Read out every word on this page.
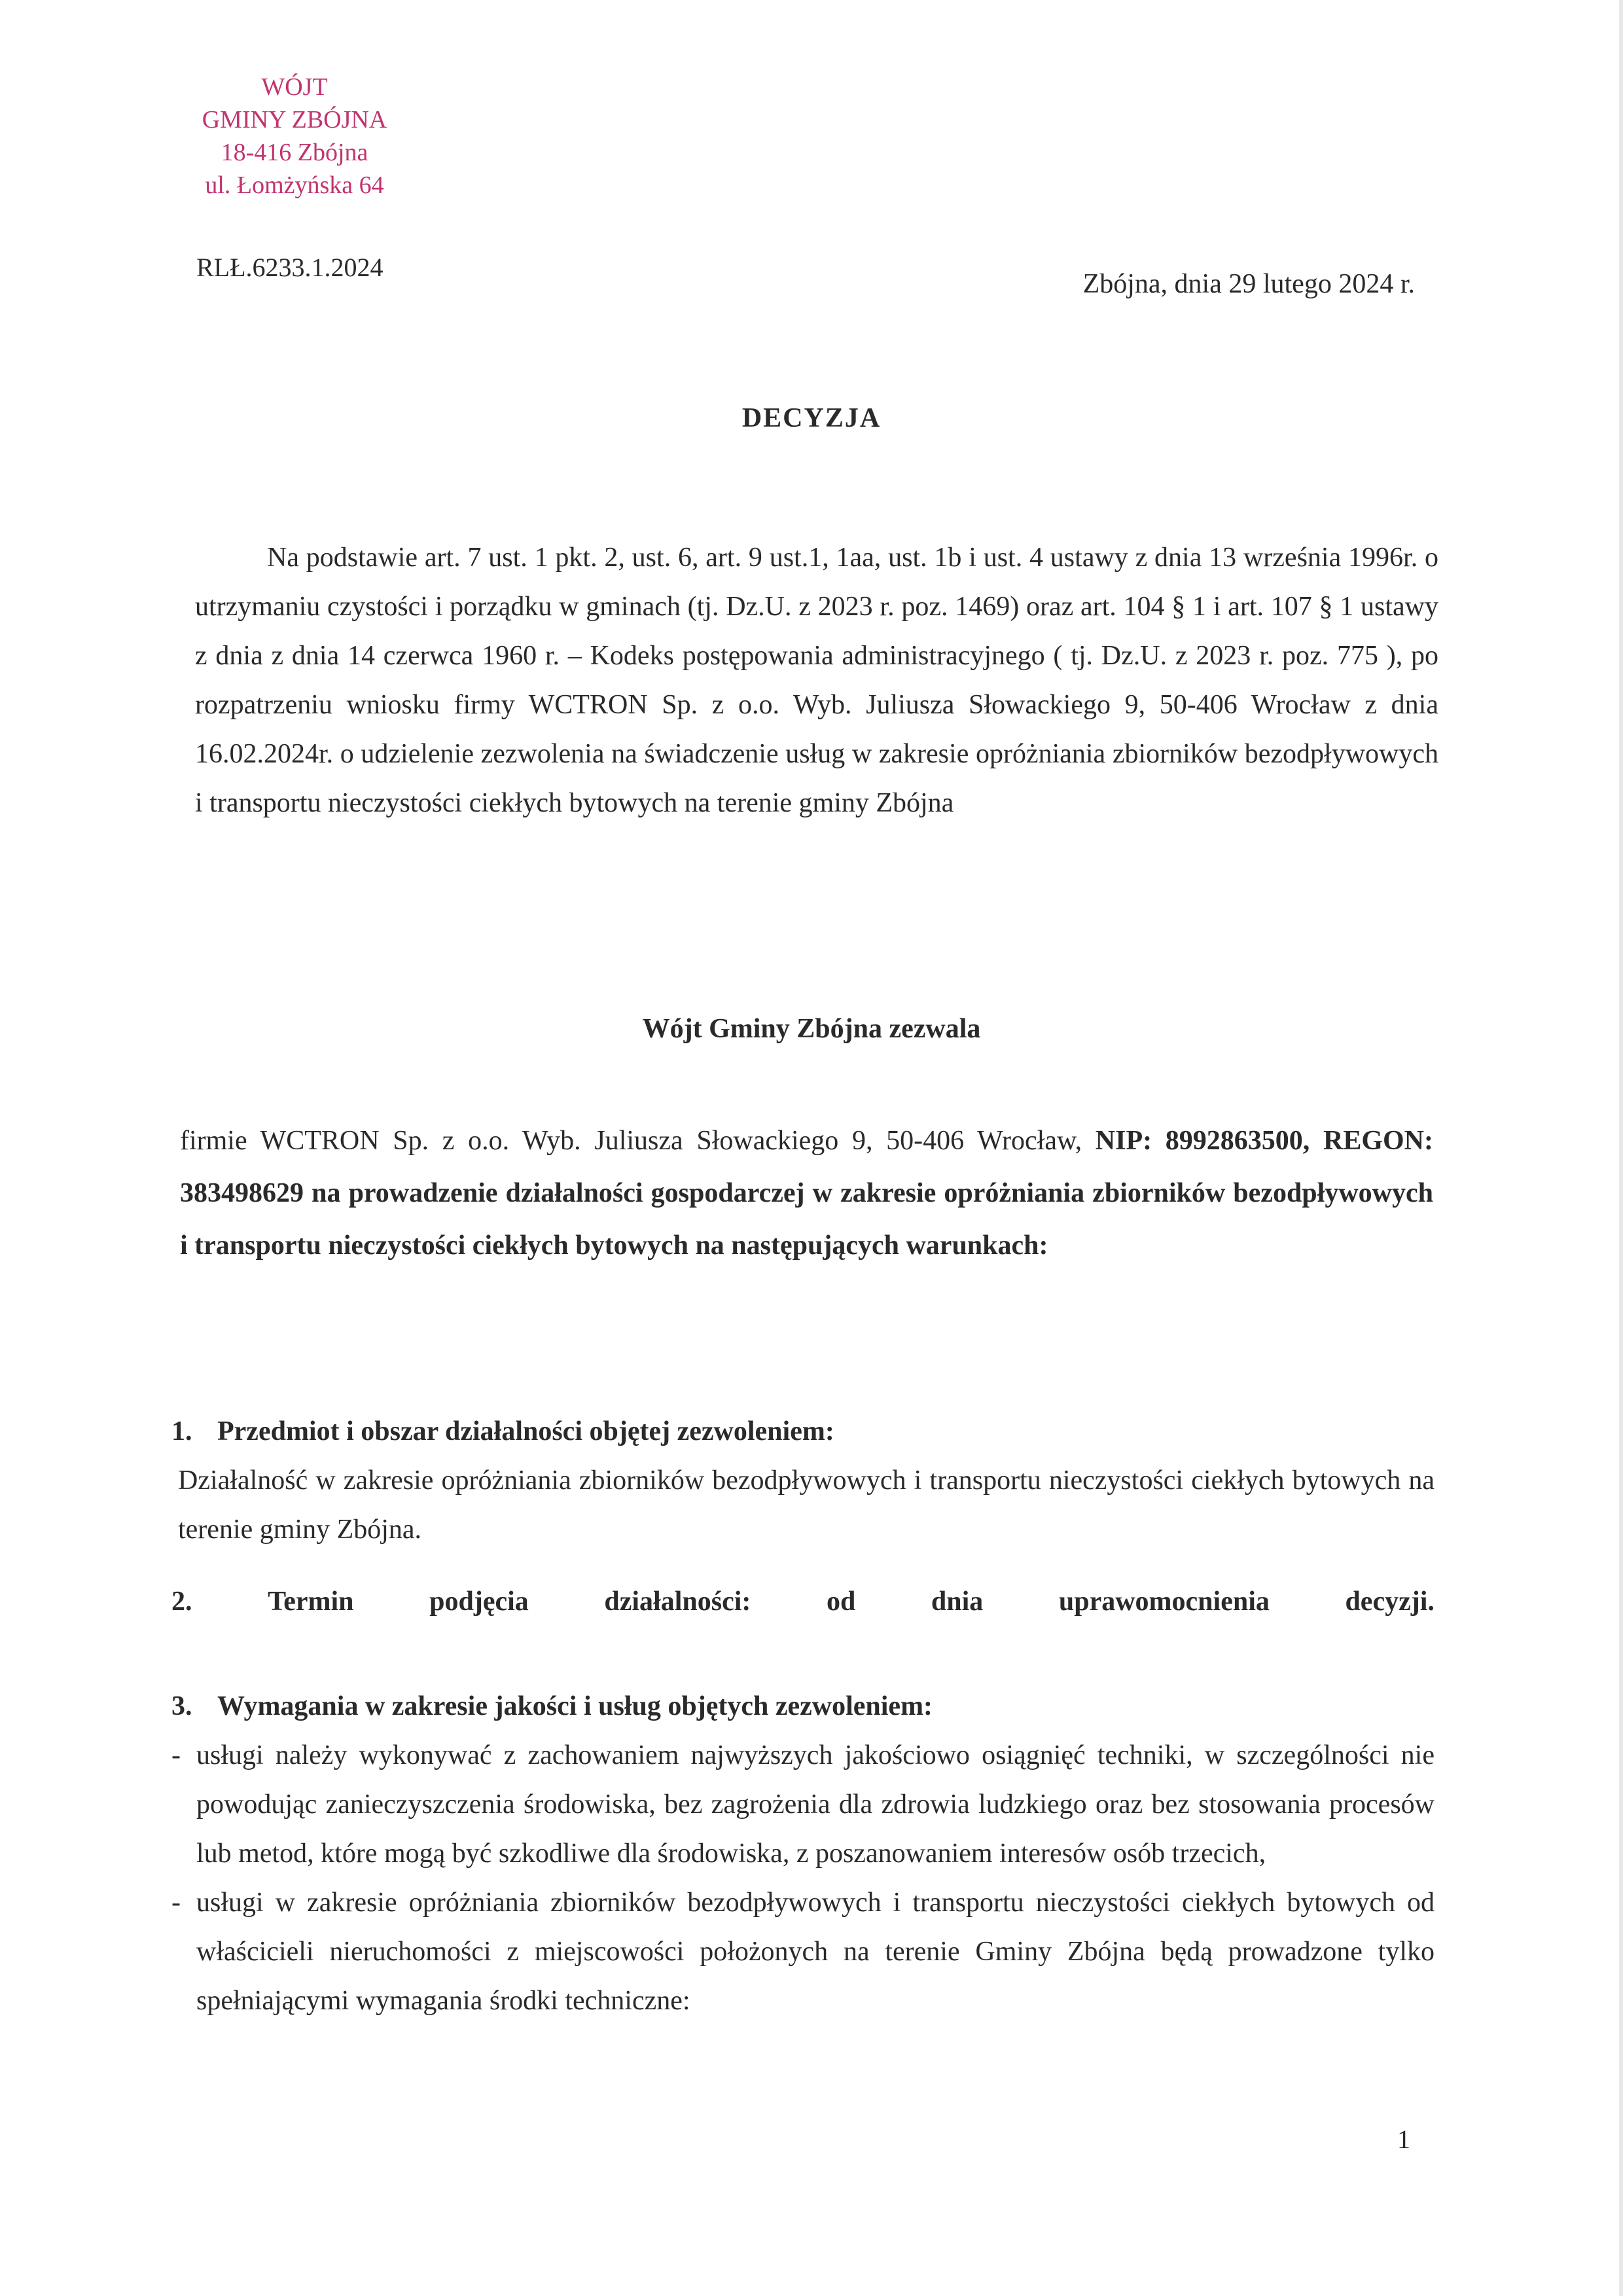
WÓJT
GMINY ZBÓJNA
18-416 Zbójna
ul. Łomżyńska 64
RLŁ.6233.1.2024
Zbójna, dnia 29 lutego 2024 r.
DECYZJA
Na podstawie art. 7 ust. 1 pkt. 2, ust. 6, art. 9 ust.1, 1aa, ust. 1b i ust. 4 ustawy z dnia 13 września 1996r. o utrzymaniu czystości i porządku w gminach (tj. Dz.U. z 2023 r. poz. 1469) oraz art. 104 § 1 i art. 107 § 1 ustawy z dnia z dnia 14 czerwca 1960 r. – Kodeks postępowania administracyjnego ( tj. Dz.U. z 2023 r. poz. 775 ), po rozpatrzeniu wniosku firmy WCTRON Sp. z o.o. Wyb. Juliusza Słowackiego 9, 50-406 Wrocław z dnia 16.02.2024r. o udzielenie zezwolenia na świadczenie usług w zakresie opróżniania zbiorników bezodpływowych i transportu nieczystości ciekłych bytowych na terenie gminy Zbójna
Wójt Gminy Zbójna zezwala
firmie WCTRON Sp. z o.o. Wyb. Juliusza Słowackiego 9, 50-406 Wrocław, NIP: 8992863500, REGON: 383498629 na prowadzenie działalności gospodarczej w zakresie opróżniania zbiorników bezodpływowych i transportu nieczystości ciekłych bytowych na następujących warunkach:
1. Przedmiot i obszar działalności objętej zezwoleniem:
Działalność w zakresie opróżniania zbiorników bezodpływowych i transportu nieczystości ciekłych bytowych na terenie gminy Zbójna.
2.	Termin	podjęcia	działalności:	od	dnia	uprawomocnienia	decyzji.
3. Wymagania w zakresie jakości i usług objętych zezwoleniem:
- usługi należy wykonywać z zachowaniem najwyższych jakościowo osiągnięć techniki, w szczególności nie powodując zanieczyszczenia środowiska, bez zagrożenia dla zdrowia ludzkiego oraz bez stosowania procesów lub metod, które mogą być szkodliwe dla środowiska, z poszanowaniem interesów osób trzecich,
- usługi w zakresie opróżniania zbiorników bezodpływowych i transportu nieczystości ciekłych bytowych od właścicieli nieruchomości z miejscowości położonych na terenie Gminy Zbójna będą prowadzone tylko spełniającymi wymagania środki techniczne:
1
